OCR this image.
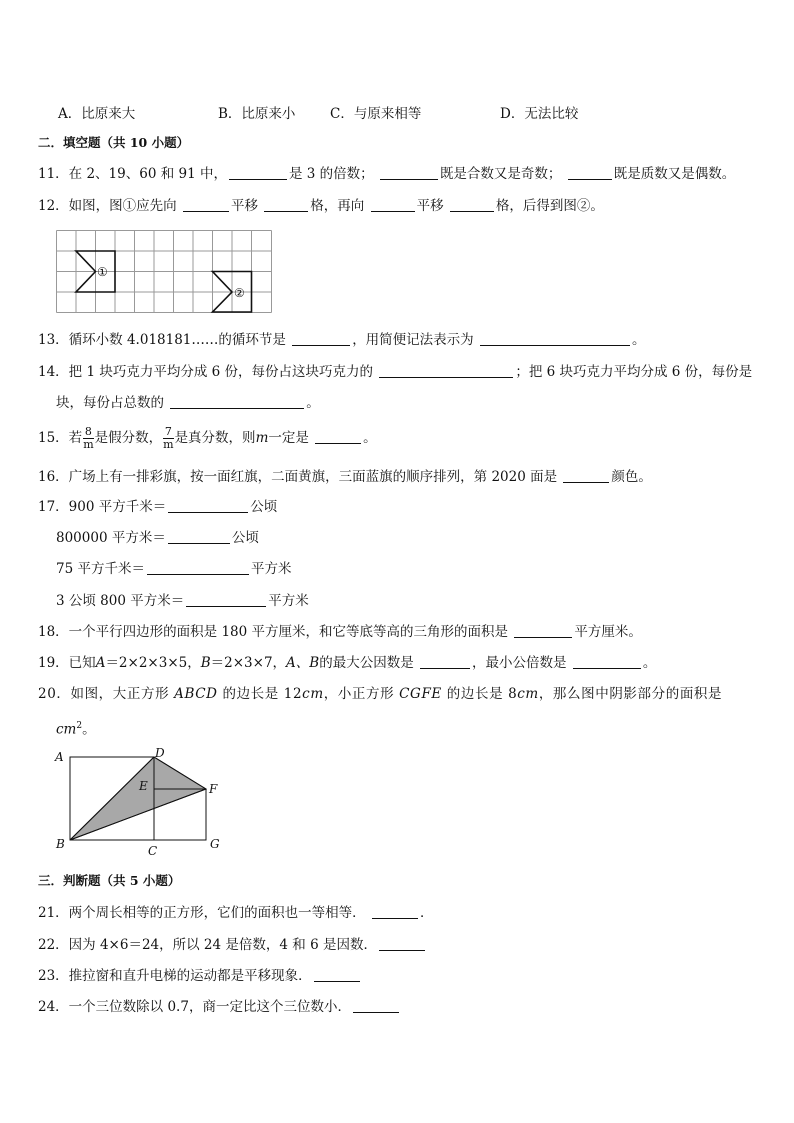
A．比原来大	B．比原来小	C．与原来相等	D．无法比较
二．填空题（共 10 小题）
11．在 2、19、60 和 91 中，	是 3 的倍数；	既是合数又是奇数；	既是质数又是偶数。
12．如图，图①应先向	平移	格，再向	平移	格，后得到图②。
①
②
13．循环小数 4.018181……的循环节是	，用简便记法表示为	。
14．把 1 块巧克力平均分成 6 份，每份占这块巧克力的	；把 6 块巧克力平均分成 6 份，每份是
块，每份占总数的	。
15．若 $\frac{8}{m}$ 是假分数， $\frac{7}{m}$ 是真分数，则m一定是	。
16．广场上有一排彩旗，按一面红旗，二面黄旗，三面蓝旗的顺序排列，第 2020 面是	颜色。
17．900 平方千米＝	公顷
800000 平方米＝	公顷
75 平方千米＝	平方米
3 公顷 800 平方米＝	平方米
18．一个平行四边形的面积是 180 平方厘米，和它等底等高的三角形的面积是	平方厘米。
19．已知A＝2×2×3×5，B＝2×3×7，A、B的最大公因数是	，最小公倍数是	。
20．如图，大正方形 ABCD 的边长是 12cm，小正方形 CGFE 的边长是 8cm，那么图中阴影部分的面积是
$cm^2$。
A	D
E	F
B	C	G
三．判断题（共 5 小题）
21．两个周长相等的正方形，它们的面积也一等相等．	．
22．因为 4×6＝24，所以 24 是倍数，4 和 6 是因数．
23．推拉窗和直升电梯的运动都是平移现象．
24．一个三位数除以 0.7，商一定比这个三位数小．
